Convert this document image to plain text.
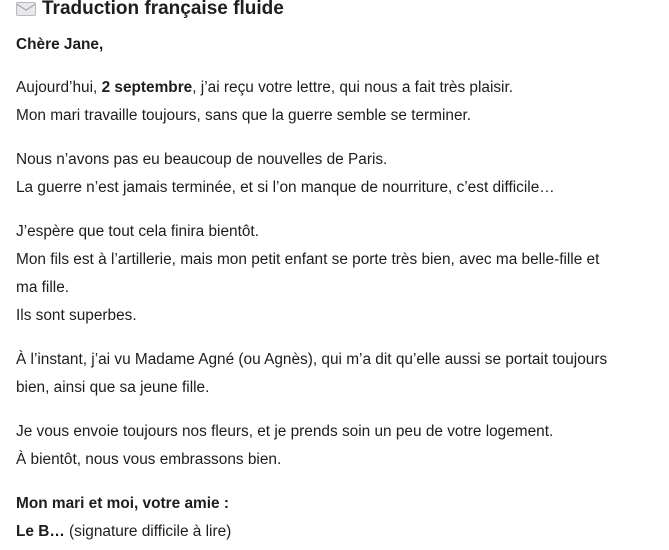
Traduction française fluide
Chère Jane,
Aujourd’hui, 2 septembre, j’ai reçu votre lettre, qui nous a fait très plaisir.
Mon mari travaille toujours, sans que la guerre semble se terminer.
Nous n’avons pas eu beaucoup de nouvelles de Paris.
La guerre n’est jamais terminée, et si l’on manque de nourriture, c’est difficile…
J’espère que tout cela finira bientôt.
Mon fils est à l’artillerie, mais mon petit enfant se porte très bien, avec ma belle-fille et
ma fille.
Ils sont superbes.
À l’instant, j’ai vu Madame Agné (ou Agnès), qui m’a dit qu’elle aussi se portait toujours
bien, ainsi que sa jeune fille.
Je vous envoie toujours nos fleurs, et je prends soin un peu de votre logement.
À bientôt, nous vous embrassons bien.
Mon mari et moi, votre amie :
Le B… (signature difficile à lire)
